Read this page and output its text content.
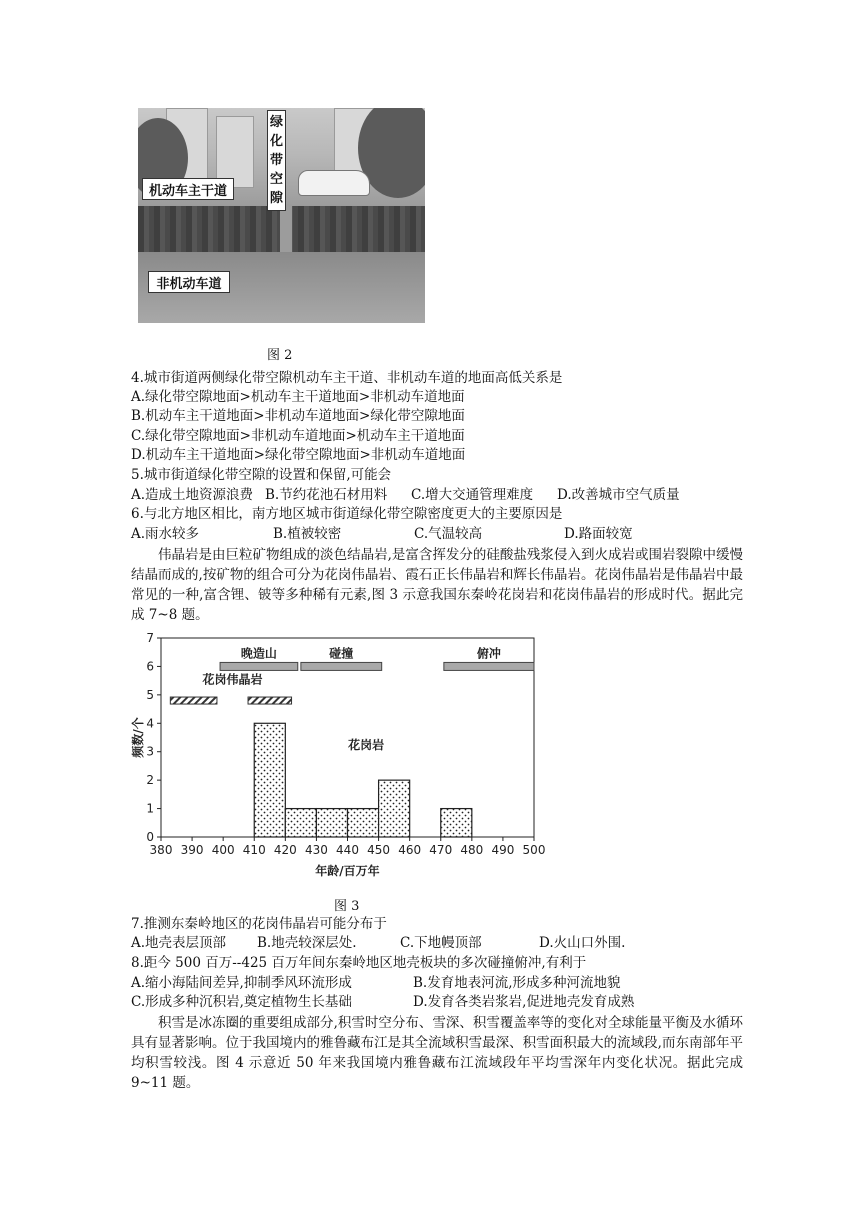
机动车主干道
绿
化
带
空
隙
非机动车道
图 2
4.城市街道两侧绿化带空隙机动车主干道、非机动车道的地面高低关系是
A.绿化带空隙地面>机动车主干道地面>非机动车道地面
B.机动车主干道地面>非机动车道地面>绿化带空隙地面
C.绿化带空隙地面>非机动车道地面>机动车主干道地面
D.机动车主干道地面>绿化带空隙地面>非机动车道地面
5.城市街道绿化带空隙的设置和保留,可能会
A.造成土地资源浪费 B.节约花池石材用料 C.增大交通管理难度 D.改善城市空气质量
6.与北方地区相比，南方地区城市街道绿化带空隙密度更大的主要原因是
A.雨水较多	B.植被较密	C.气温较高	D.路面较宽
伟晶岩是由巨粒矿物组成的淡色结晶岩,是富含挥发分的硅酸盐残浆侵入到火成岩或围岩裂隙中缓慢结晶而成的,按矿物的组合可分为花岗伟晶岩、霞石正长伟晶岩和辉长伟晶岩。花岗伟晶岩是伟晶岩中最常见的一种,富含锂、铍等多种稀有元素,图 3 示意我国东秦岭花岗岩和花岗伟晶岩的形成时代。据此完成 7~8 题。
0
1
2
3
4
5
6
7
380 390 400 410 420 430 440 450 460 470 480 490 500
年龄/百万年
频数/个
晚造山	碰撞	俯冲
花岗伟晶岩
花岗岩
图 3
7.推测东秦岭地区的花岗伟晶岩可能分布于
A.地壳表层顶部 B.地壳较深层处.	C.下地幔顶部	D.火山口外围.
8.距今 500 百万--425 百万年间东秦岭地区地壳板块的多次碰撞俯冲,有利于
A.缩小海陆间差异,抑制季风环流形成	B.发育地表河流,形成多种河流地貌
C.形成多种沉积岩,奠定植物生长基础	D.发育各类岩浆岩,促进地壳发育成熟
积雪是冰冻圈的重要组成部分,积雪时空分布、雪深、积雪覆盖率等的变化对全球能量平衡及水循环具有显著影响。位于我国境内的雅鲁藏布江是其全流域积雪最深、积雪面积最大的流域段,而东南部年平均积雪较浅。图 4 示意近 50 年来我国境内雅鲁藏布江流域段年平均雪深年内变化状况。据此完成 9~11 题。
